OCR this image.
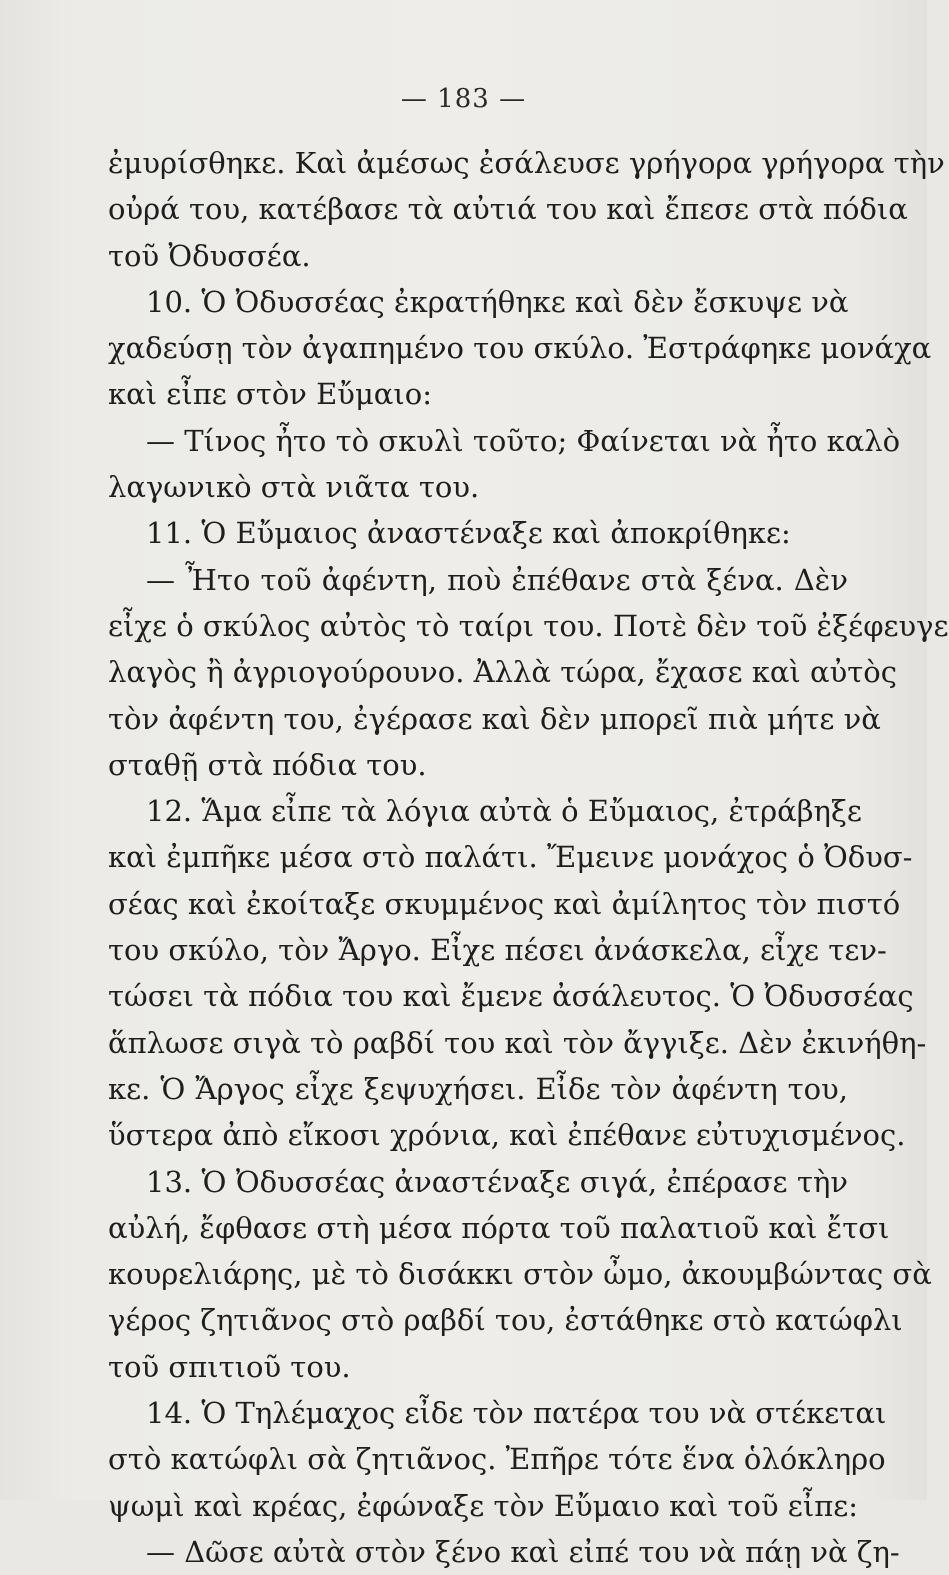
— 183 —
ἐμυρίσθηκε. Καὶ ἀμέσως ἐσάλευσε γρήγορα γρήγορα τὴν
οὐρά του, κατέβασε τὰ αὐτιά του καὶ ἔπεσε στὰ πόδια
τοῦ Ὀδυσσέα.
10. Ὁ Ὀδυσσέας ἐκρατήθηκε καὶ δὲν ἔσκυψε νὰ
χαδεύσῃ τὸν ἀγαπημένο του σκύλο. Ἐστράφηκε μονάχα
καὶ εἶπε στὸν Εὔμαιο:
— Τίνος ἦτο τὸ σκυλὶ τοῦτο; Φαίνεται νὰ ἦτο καλὸ
λαγωνικὸ στὰ νιᾶτα του.
11. Ὁ Εὔμαιος ἀναστέναξε καὶ ἀποκρίθηκε:
— Ἦτο τοῦ ἀφέντη, ποὺ ἐπέθανε στὰ ξένα. Δὲν
εἶχε ὁ σκύλος αὐτὸς τὸ ταίρι του. Ποτὲ δὲν τοῦ ἐξέφευγε
λαγὸς ἢ ἀγριογούρουνο. Ἀλλὰ τώρα, ἔχασε καὶ αὐτὸς
τὸν ἀφέντη του, ἐγέρασε καὶ δὲν μπορεῖ πιὰ μήτε νὰ
σταθῇ στὰ πόδια του.
12. Ἅμα εἶπε τὰ λόγια αὐτὰ ὁ Εὔμαιος, ἐτράβηξε
καὶ ἐμπῆκε μέσα στὸ παλάτι. Ἔμεινε μονάχος ὁ Ὀδυσ-
σέας καὶ ἐκοίταξε σκυμμένος καὶ ἀμίλητος τὸν πιστό
του σκύλο, τὸν Ἄργο. Εἶχε πέσει ἀνάσκελα, εἶχε τεν-
τώσει τὰ πόδια του καὶ ἔμενε ἀσάλευτος. Ὁ Ὀδυσσέας
ἅπλωσε σιγὰ τὸ ραβδί του καὶ τὸν ἄγγιξε. Δὲν ἐκινήθη-
κε. Ὁ Ἄργος εἶχε ξεψυχήσει. Εἶδε τὸν ἀφέντη του,
ὕστερα ἀπὸ εἴκοσι χρόνια, καὶ ἐπέθανε εὐτυχισμένος.
13. Ὁ Ὀδυσσέας ἀναστέναξε σιγά, ἐπέρασε τὴν
αὐλή, ἔφθασε στὴ μέσα πόρτα τοῦ παλατιοῦ καὶ ἔτσι
κουρελιάρης, μὲ τὸ δισάκκι στὸν ὦμο, ἀκουμβώντας σὰ
γέρος ζητιᾶνος στὸ ραβδί του, ἐστάθηκε στὸ κατώφλι
τοῦ σπιτιοῦ του.
14. Ὁ Τηλέμαχος εἶδε τὸν πατέρα του νὰ στέκεται
στὸ κατώφλι σὰ ζητιᾶνος. Ἐπῆρε τότε ἕνα ὁλόκληρο
ψωμὶ καὶ κρέας, ἐφώναξε τὸν Εὔμαιο καὶ τοῦ εἶπε:
— Δῶσε αὐτὰ στὸν ξένο καὶ εἰπέ του νὰ πάῃ νὰ ζη-
